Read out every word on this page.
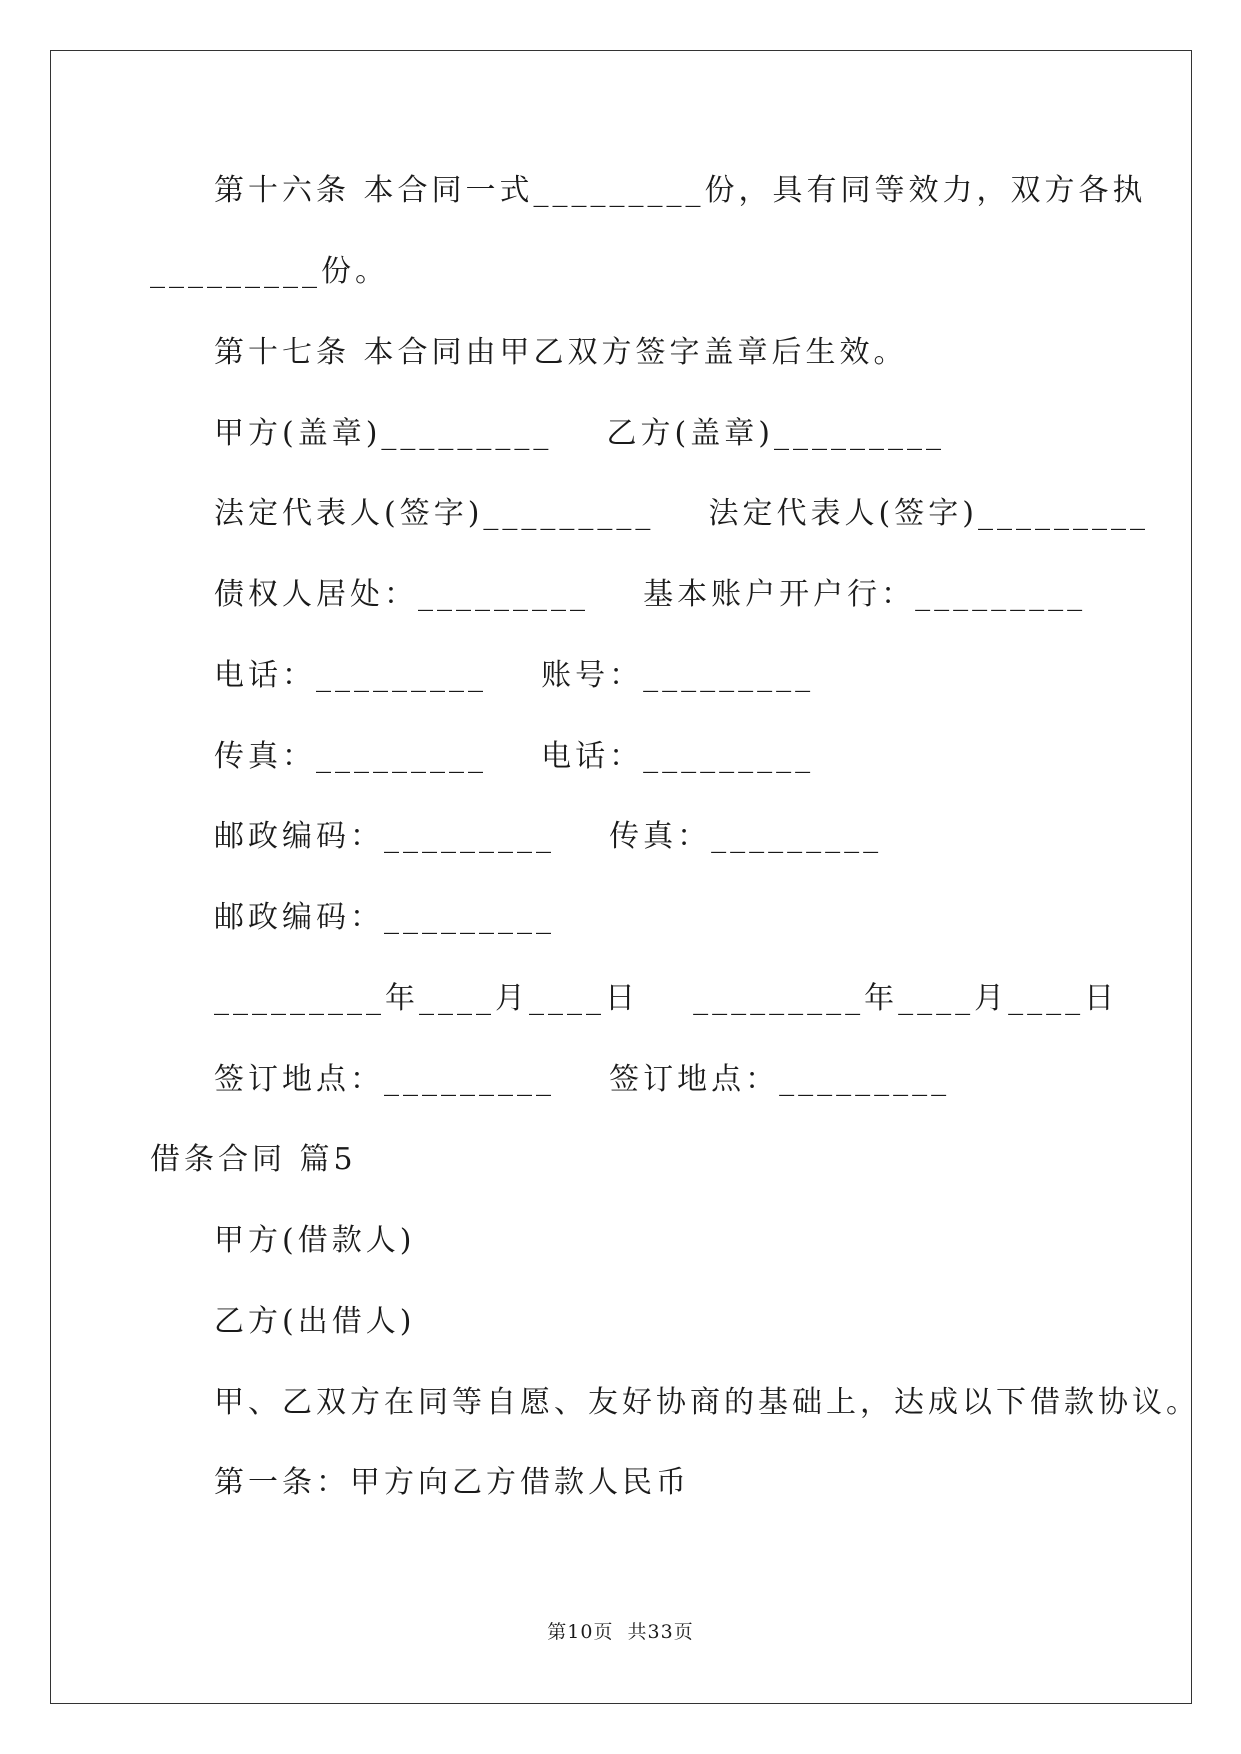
第十六条 本合同一式_________份，具有同等效力，双方各执
_________份。
第十七条 本合同由甲乙双方签字盖章后生效。
甲方(盖章)_________    乙方(盖章)_________
法定代表人(签字)_________    法定代表人(签字)_________
债权人居处：_________    基本账户开户行：_________
电话：_________    账号：_________
传真：_________    电话：_________
邮政编码：_________    传真：_________
邮政编码：_________
_________年____月____日    _________年____月____日
签订地点：_________    签订地点：_________
借条合同 篇5
甲方(借款人)
乙方(出借人)
甲、乙双方在同等自愿、友好协商的基础上，达成以下借款协议。
第一条：甲方向乙方借款人民币
第10页  共33页
